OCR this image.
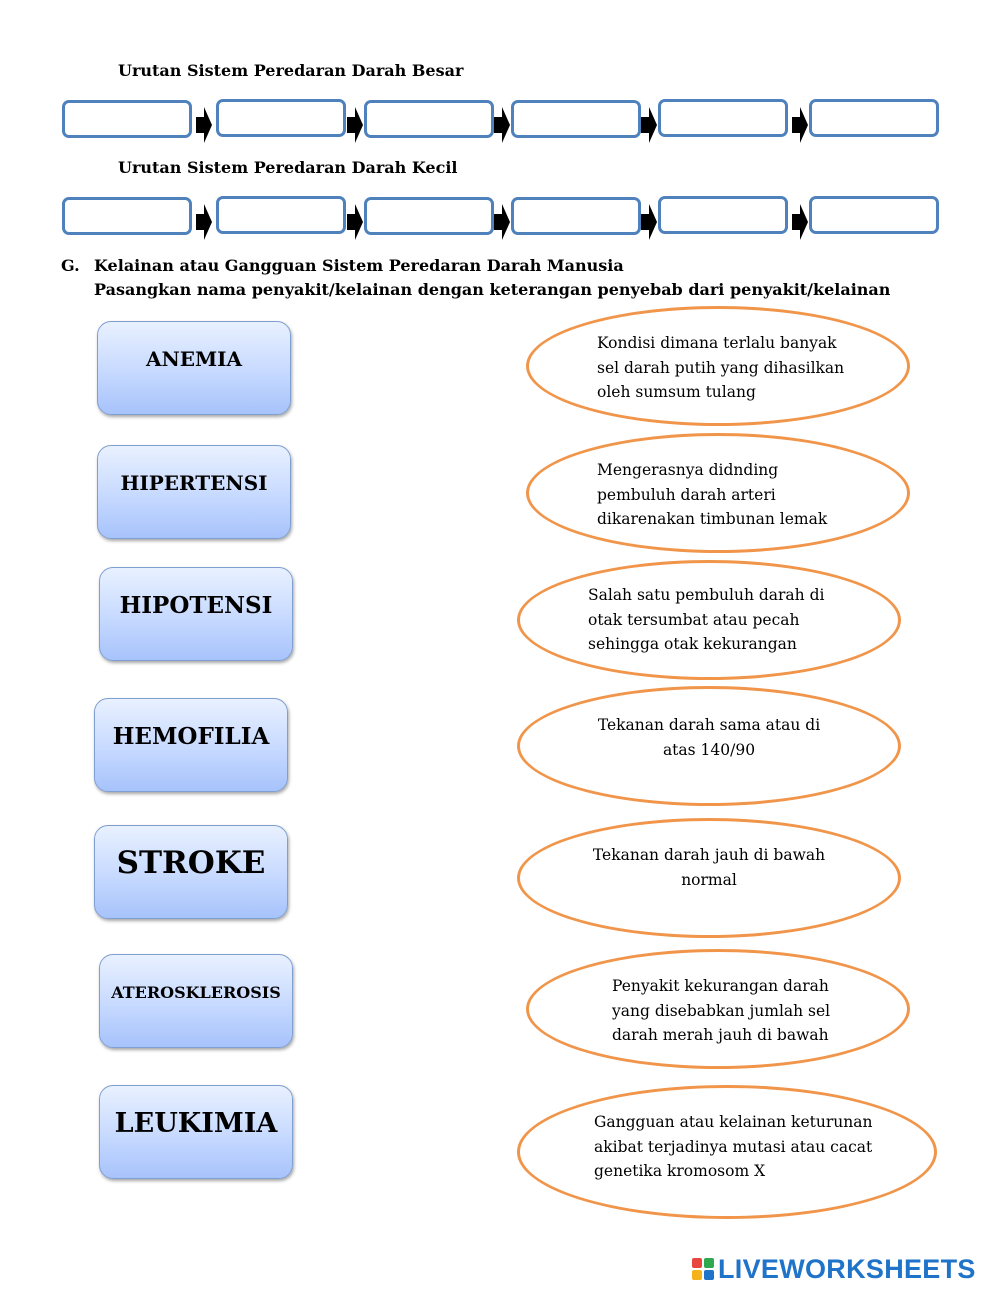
Urutan Sistem Peredaran Darah Besar
Urutan Sistem Peredaran Darah Kecil
G. Kelainan atau Gangguan Sistem Peredaran Darah Manusia
Pasangkan nama penyakit/kelainan dengan keterangan penyebab dari penyakit/kelainan
ANEMIA
HIPERTENSI
HIPOTENSI
HEMOFILIA
STROKE
ATEROSKLEROSIS
LEUKIMIA
Kondisi dimana terlalu banyak
sel darah putih yang dihasilkan
oleh sumsum tulang
Mengerasnya didnding
pembuluh darah arteri
dikarenakan timbunan lemak
Salah satu pembuluh darah di
otak tersumbat atau pecah
sehingga otak kekurangan
Tekanan darah sama atau di
atas 140/90
Tekanan darah jauh di bawah
normal
Penyakit kekurangan darah
yang disebabkan jumlah sel
darah merah jauh di bawah
Gangguan atau kelainan keturunan
akibat terjadinya mutasi atau cacat
genetika kromosom X
LIVEWORKSHEETS
